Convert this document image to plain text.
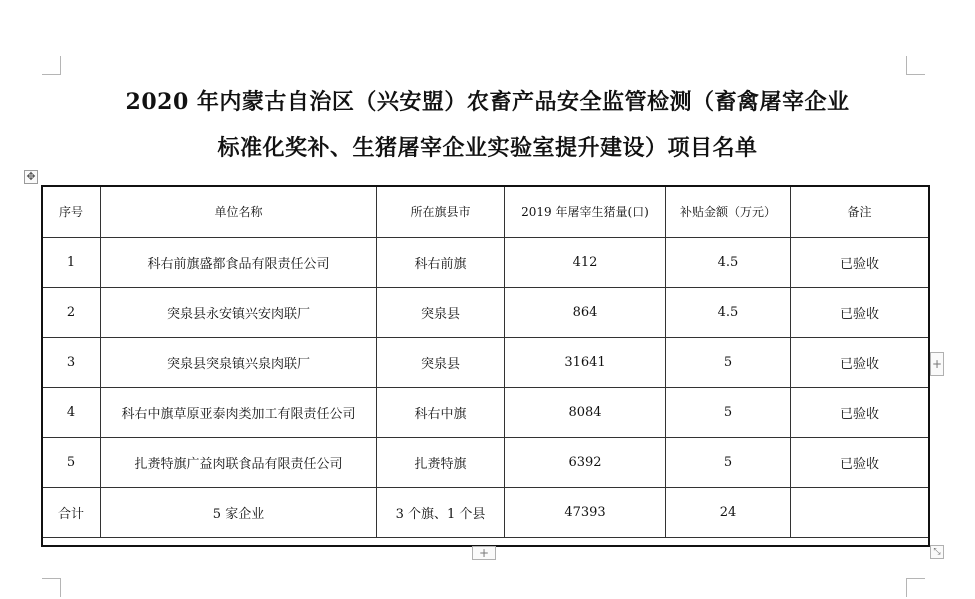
2020 年内蒙古自治区（兴安盟）农畜产品安全监管检测（畜禽屠宰企业
标准化奖补、生猪屠宰企业实验室提升建设）项目名单
✥
序号	单位名称	所在旗县市	2019 年屠宰生猪量(口)	补贴金额（万元）	备注
1	科右前旗盛都食品有限责任公司	科右前旗	412	4.5	已验收
2	突泉县永安镇兴安肉联厂	突泉县	864	4.5	已验收
3	突泉县突泉镇兴泉肉联厂	突泉县	31641	5	已验收
4	科右中旗草原亚泰肉类加工有限责任公司	科右中旗	8084	5	已验收
5	扎赉特旗广益肉联食品有限责任公司	扎赉特旗	6392	5	已验收
合计	5 家企业	3 个旗、1 个县	47393	24	
+
+	⤡
